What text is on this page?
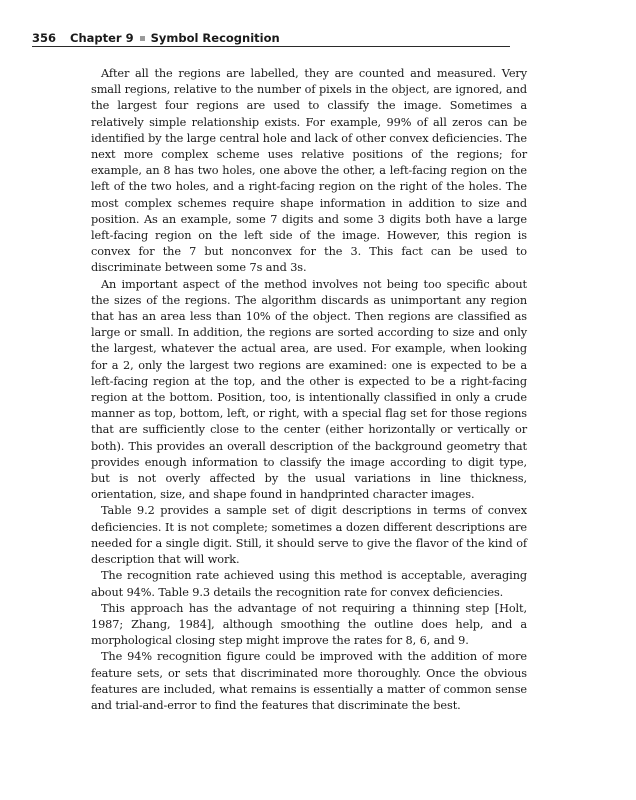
356 Chapter 9 Symbol Recognition

After all the regions are labelled, they are counted and measured. Very small regions, relative to the number of pixels in the object, are ignored, and the largest four regions are used to classify the image. Sometimes a relatively simple relationship exists. For example, 99% of all zeros can be identified by the large central hole and lack of other convex deficiencies. The next more complex scheme uses relative positions of the regions; for example, an 8 has two holes, one above the other, a left-facing region on the left of the two holes, and a right-facing region on the right of the holes. The most complex schemes require shape information in addition to size and position. As an example, some 7 digits and some 3 digits both have a large left-facing region on the left side of the image. However, this region is convex for the 7 but nonconvex for the 3. This fact can be used to discriminate between some 7s and 3s.

An important aspect of the method involves not being too specific about the sizes of the regions. The algorithm discards as unimportant any region that has an area less than 10% of the object. Then regions are classified as large or small. In addition, the regions are sorted according to size and only the largest, whatever the actual area, are used. For example, when looking for a 2, only the largest two regions are examined: one is expected to be a left-facing region at the top, and the other is expected to be a right-facing region at the bottom. Position, too, is intentionally classified in only a crude manner as top, bottom, left, or right, with a special flag set for those regions that are sufficiently close to the center (either horizontally or vertically or both). This provides an overall description of the background geometry that provides enough information to classify the image according to digit type, but is not overly affected by the usual variations in line thickness, orientation, size, and shape found in handprinted character images.

Table 9.2 provides a sample set of digit descriptions in terms of convex deficiencies. It is not complete; sometimes a dozen different descriptions are needed for a single digit. Still, it should serve to give the flavor of the kind of description that will work.

The recognition rate achieved using this method is acceptable, averaging about 94%. Table 9.3 details the recognition rate for convex deficiencies.

This approach has the advantage of not requiring a thinning step [Holt, 1987; Zhang, 1984], although smoothing the outline does help, and a morphological closing step might improve the rates for 8, 6, and 9.

The 94% recognition figure could be improved with the addition of more feature sets, or sets that discriminated more thoroughly. Once the obvious features are included, what remains is essentially a matter of common sense and trial-and-error to find the features that discriminate the best.
